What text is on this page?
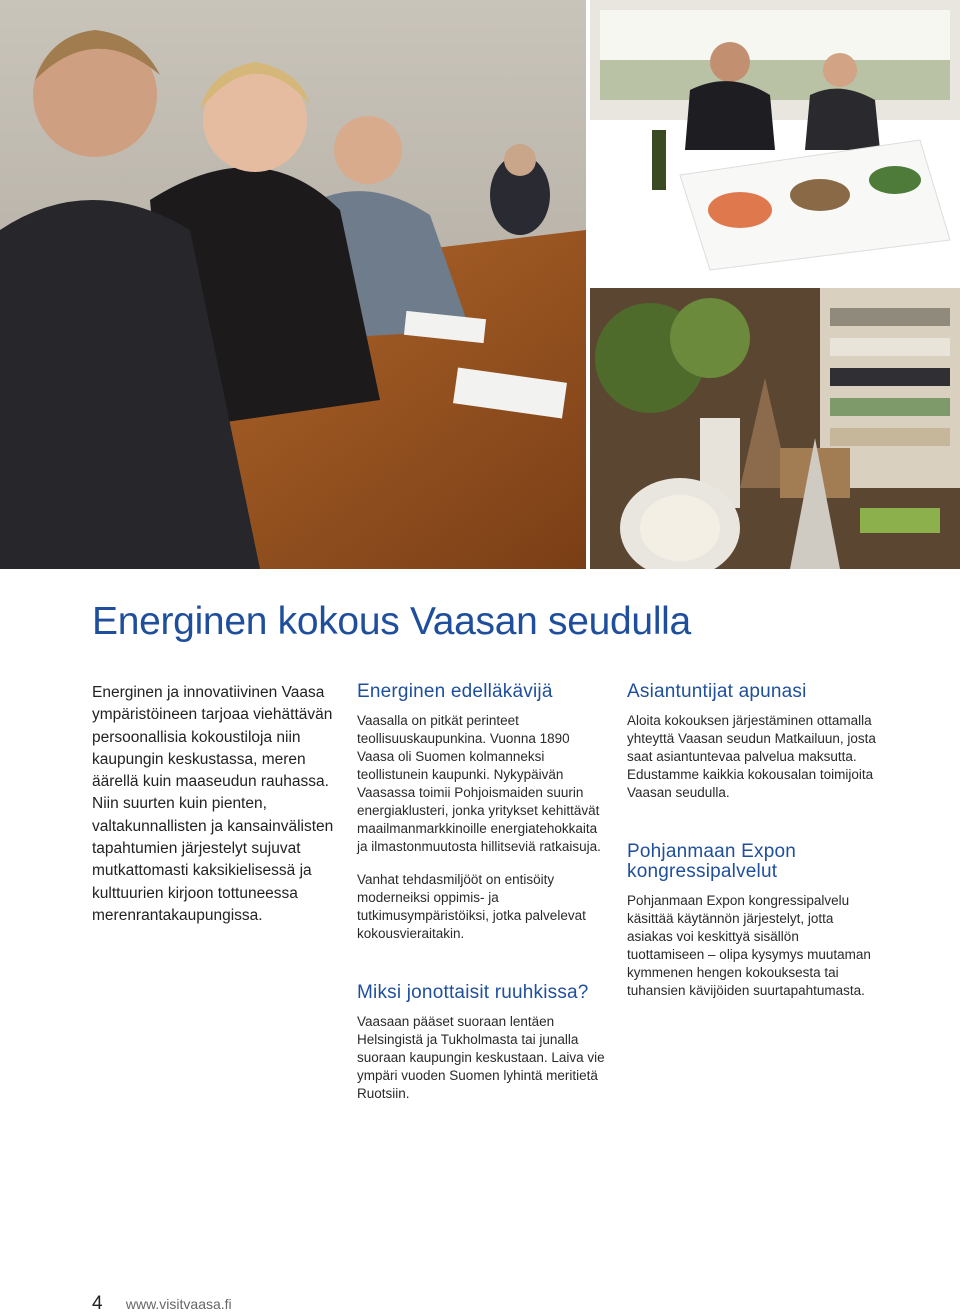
Energinen kokous Vaasan seudulla

Energinen ja innovatiivinen Vaasa ympäristöineen tarjoaa viehättävän persoonallisia kokoustiloja niin kaupungin keskustassa, meren äärellä kuin maaseudun rauhassa. Niin suurten kuin pienten, valtakunnallisten ja kansainvälisten tapahtumien järjestelyt sujuvat mutkattomasti kaksikielisessä ja kulttuurien kirjoon tottuneessa merenrantakaupungissa.

Energinen edelläkävijä

Vaasalla on pitkät perinteet teollisuuskaupunkina. Vuonna 1890 Vaasa oli Suomen kolmanneksi teollistunein kaupunki. Nykypäivän Vaasassa toimii Pohjoismaiden suurin energiaklusteri, jonka yritykset kehittävät maailmanmarkkinoille energiatehokkaita ja ilmastonmuutosta hillitseviä ratkaisuja.

Vanhat tehdasmiljööt on entisöity moderneiksi oppimis- ja tutkimusympäristöiksi, jotka palvelevat kokousvieraitakin.

Miksi jonottaisit ruuhkissa?

Vaasaan pääset suoraan lentäen Helsingistä ja Tukholmasta tai junalla suoraan kaupungin keskustaan. Laiva vie ympäri vuoden Suomen lyhintä meritietä Ruotsiin.

Asiantuntijat apunasi

Aloita kokouksen järjestäminen ottamalla yhteyttä Vaasan seudun Matkailuun, josta saat asiantuntevaa palvelua maksutta. Edustamme kaikkia kokousalan toimijoita Vaasan seudulla.

Pohjanmaan Expon kongressipalvelut

Pohjanmaan Expon kongressipalvelu käsittää käytännön järjestelyt, jotta asiakas voi keskittyä sisällön tuottamiseen – olipa kysymys muutaman kymmenen hengen kokouksesta tai tuhansien kävijöiden suurtapahtumasta.

4 www.visitvaasa.fi
